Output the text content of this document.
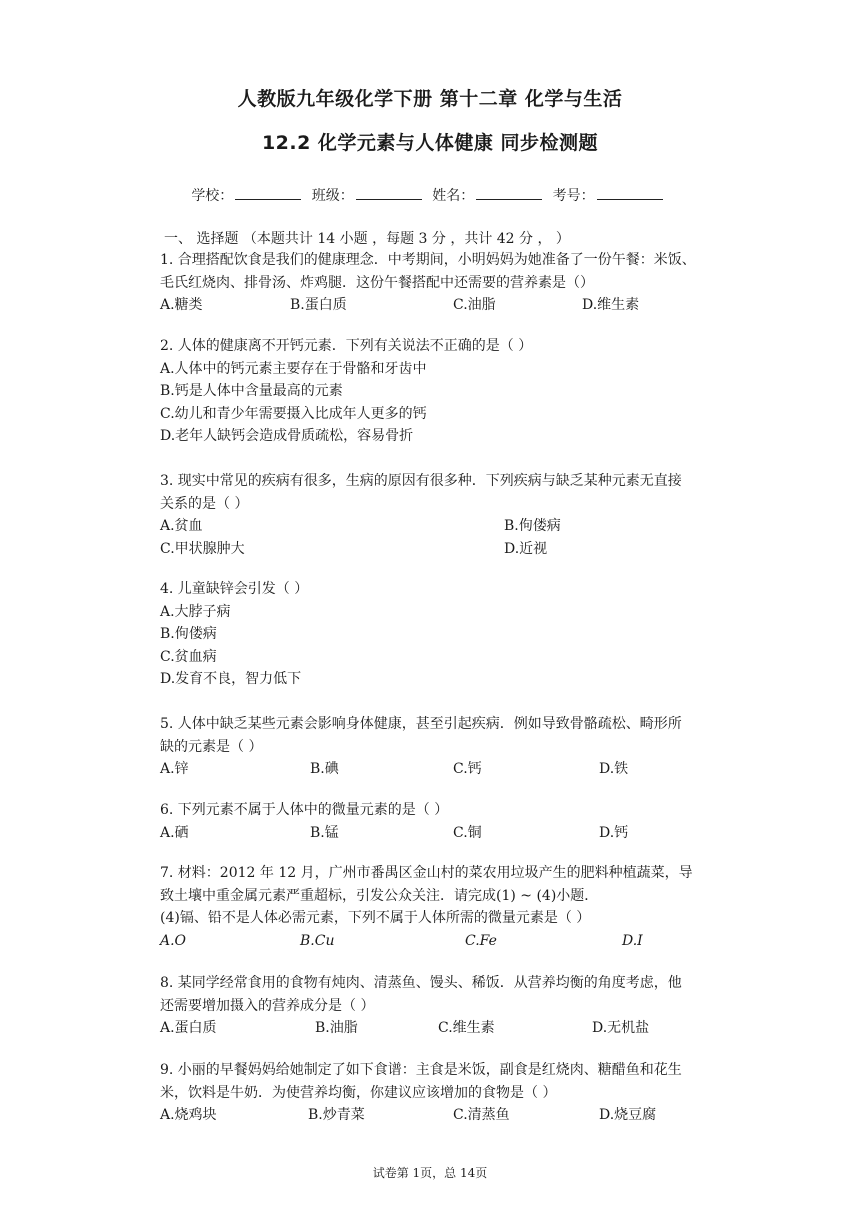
人教版九年级化学下册 第十二章 化学与生活
12.2 化学元素与人体健康 同步检测题
学校：	班级：	姓名：	考号：
一、 选择题 （本题共计 14 小题 ，每题 3 分 ，共计 42 分 ， ）
1. 合理搭配饮食是我们的健康理念．中考期间，小明妈妈为她准备了一份午餐：米饭、
毛氏红烧肉、排骨汤、炸鸡腿．这份午餐搭配中还需要的营养素是（）
A.糖类	B.蛋白质	C.油脂	D.维生素
2. 人体的健康离不开钙元素．下列有关说法不正确的是（ ）
A.人体中的钙元素主要存在于骨骼和牙齿中
B.钙是人体中含量最高的元素
C.幼儿和青少年需要摄入比成年人更多的钙
D.老年人缺钙会造成骨质疏松，容易骨折
3. 现实中常见的疾病有很多，生病的原因有很多种．下列疾病与缺乏某种元素无直接
关系的是（ ）
A.贫血	B.佝偻病
C.甲状腺肿大	D.近视
4. 儿童缺锌会引发（ ）
A.大脖子病
B.佝偻病
C.贫血病
D.发育不良，智力低下
5. 人体中缺乏某些元素会影响身体健康，甚至引起疾病．例如导致骨骼疏松、畸形所
缺的元素是（ ）
A.锌	B.碘	C.钙	D.铁
6. 下列元素不属于人体中的微量元素的是（ ）
A.硒	B.锰	C.铜	D.钙
7. 材料：2012 年 12 月，广州市番禺区金山村的菜农用垃圾产生的肥料种植蔬菜，导
致土壤中重金属元素严重超标，引发公众关注．请完成(1) ~ (4)小题．
(4)镉、铅不是人体必需元素，下列不属于人体所需的微量元素是（ ）
A.O	B.Cu	C.Fe	D.I
8. 某同学经常食用的食物有炖肉、清蒸鱼、馒头、稀饭．从营养均衡的角度考虑，他
还需要增加摄入的营养成分是（ ）
A.蛋白质	B.油脂	C.维生素	D.无机盐
9. 小丽的早餐妈妈给她制定了如下食谱：主食是米饭，副食是红烧肉、糖醋鱼和花生
米，饮料是牛奶．为使营养均衡，你建议应该增加的食物是（ ）
A.烧鸡块	B.炒青菜	C.清蒸鱼	D.烧豆腐
试卷第 1页，总 14页
